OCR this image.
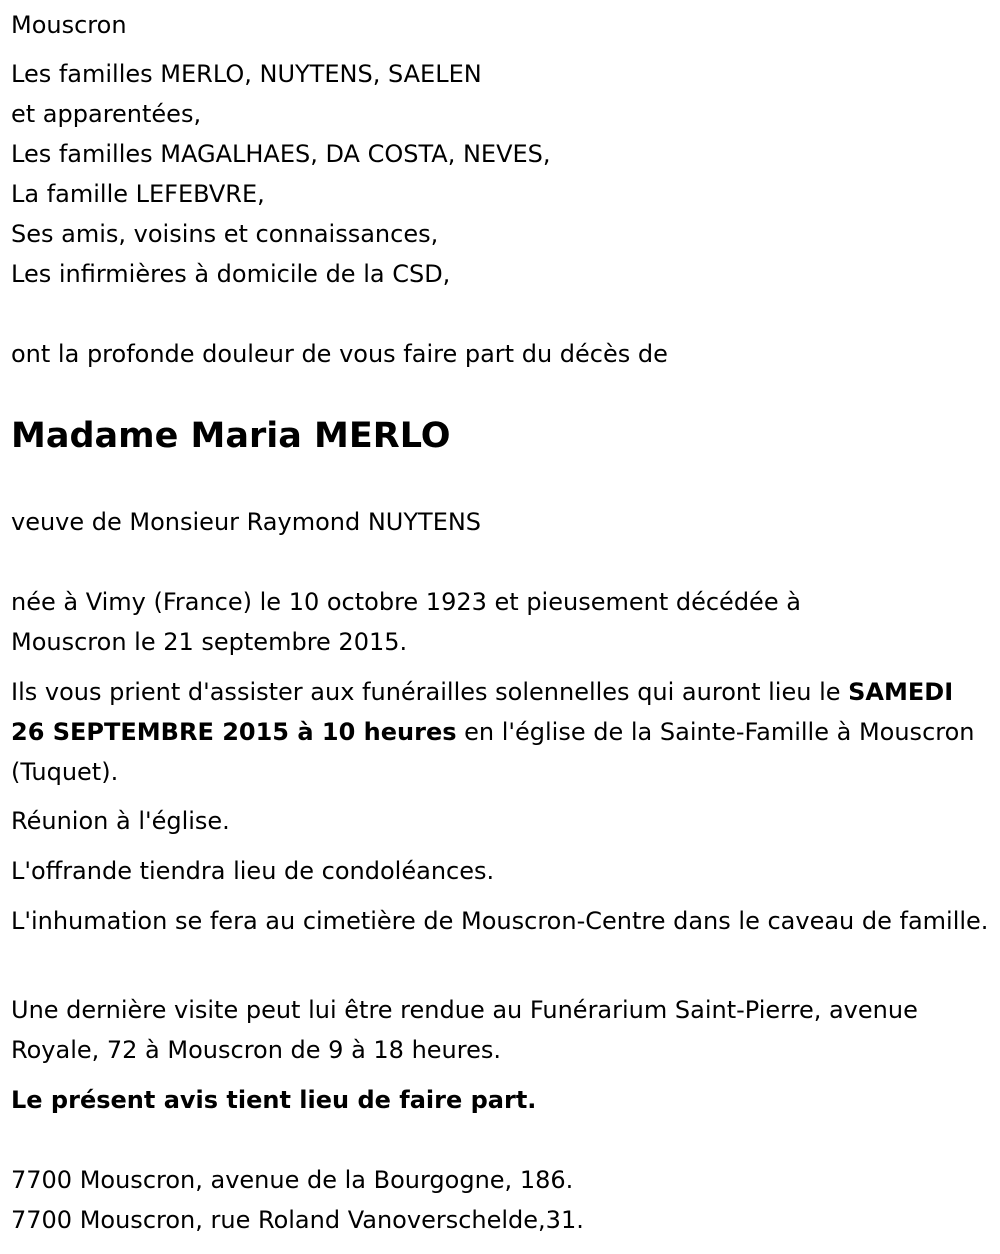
Mouscron
Les familles MERLO, NUYTENS, SAELEN
et apparentées,
Les familles MAGALHAES, DA COSTA, NEVES,
La famille LEFEBVRE,
Ses amis, voisins et connaissances,
Les infirmières à domicile de la CSD,
ont la profonde douleur de vous faire part du décès de
Madame Maria MERLO
veuve de Monsieur Raymond NUYTENS
née à Vimy (France) le 10 octobre 1923 et pieusement décédée à Mouscron le 21 septembre 2015.
Ils vous prient d'assister aux funérailles solennelles qui auront lieu le SAMEDI 26 SEPTEMBRE 2015 à 10 heures en l'église de la Sainte-Famille à Mouscron (Tuquet).
Réunion à l'église.
L'offrande tiendra lieu de condoléances.
L'inhumation se fera au cimetière de Mouscron-Centre dans le caveau de famille.
Une dernière visite peut lui être rendue au Funérarium Saint-Pierre, avenue Royale, 72 à Mouscron de 9 à 18 heures.
Le présent avis tient lieu de faire part.
7700 Mouscron, avenue de la Bourgogne, 186.
7700 Mouscron, rue Roland Vanoverschelde,31.
